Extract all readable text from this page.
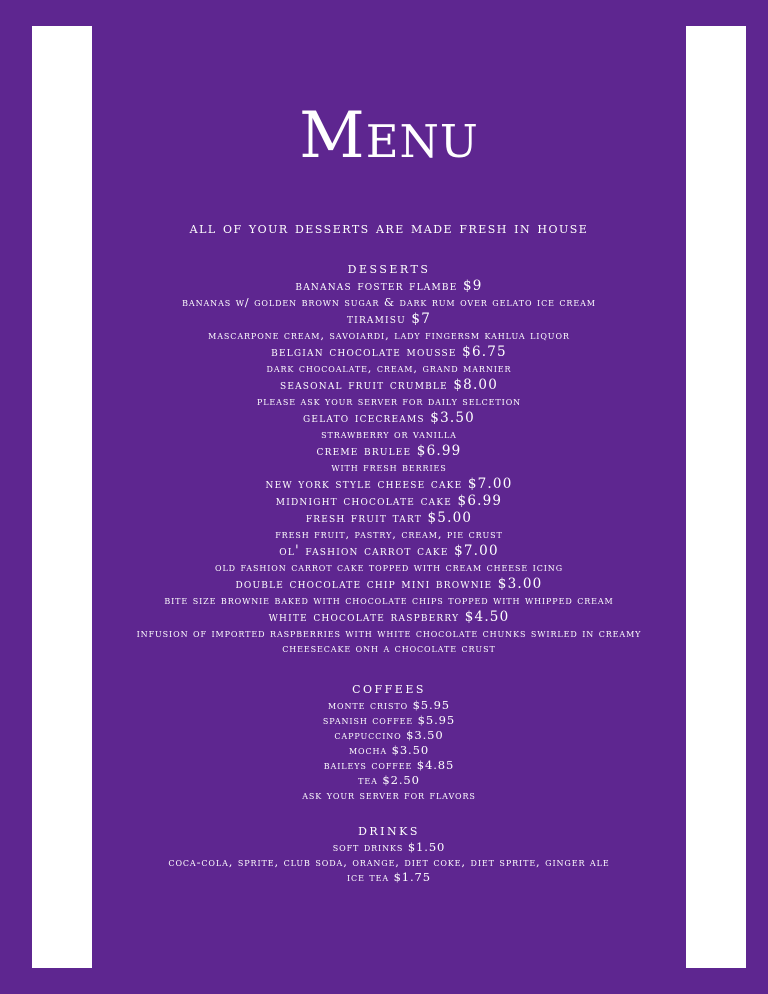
Menu
all of your desserts are made fresh in house
desserts
bananas foster flambe $9
bananas w/ golden brown sugar & dark rum over gelato ice cream
tiramisu $7
mascarpone cream, savoiardi, lady fingersm kahlua liquor
belgian chocolate mousse $6.75
dark chocoalate, cream, grand marnier
seasonal fruit crumble $8.00
please ask your server for daily selcetion
gelato icecreams $3.50
strawberry or vanilla
creme brulee $6.99
with fresh berries
new york style cheese cake $7.00
midnight chocolate cake $6.99
fresh fruit tart $5.00
fresh fruit, pastry, cream, pie crust
ol' fashion carrot cake $7.00
old fashion carrot cake topped with cream cheese icing
double chocolate chip mini brownie $3.00
bite size brownie baked with chocolate chips topped with whipped cream
white chocolate raspberry $4.50
infusion of imported raspberries with white chocolate chunks swirled in creamy cheesecake onh a chocolate crust
coffees
monte cristo $5.95
spanish coffee $5.95
cappuccino $3.50
mocha $3.50
baileys coffee $4.85
tea $2.50
ask your server for flavors
drinks
soft drinks $1.50
coca-cola, sprite, club soda, orange, diet coke, diet sprite, ginger ale
ice tea $1.75
